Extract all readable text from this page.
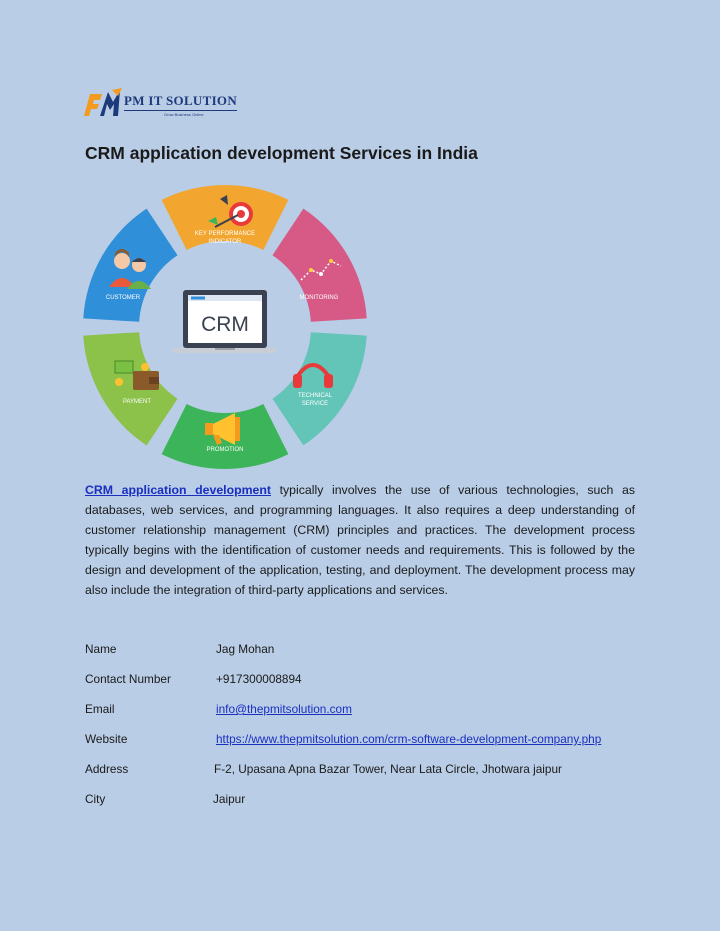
PM IT SOLUTION
Grow Business Online
CRM application development Services in India
KEY PERFORMANCE
INDICATOR
MONITORING
TECHNICAL
SERVICE
PROMOTION
PAYMENT
CUSTOMER
CRM

CRM application development typically involves the use of various technologies, such as databases, web services, and programming languages. It also requires a deep understanding of customer relationship management (CRM) principles and practices. The development process typically begins with the identification of customer needs and requirements. This is followed by the design and development of the application, testing, and deployment. The development process may also include the integration of third-party applications and services.

Name	Jag Mohan
Contact Number	+917300008894
Email	info@thepmitsolution.com
Website	https://www.thepmitsolution.com/crm-software-development-company.php
Address	F-2, Upasana Apna Bazar Tower, Near Lata Circle, Jhotwara jaipur
City	Jaipur
